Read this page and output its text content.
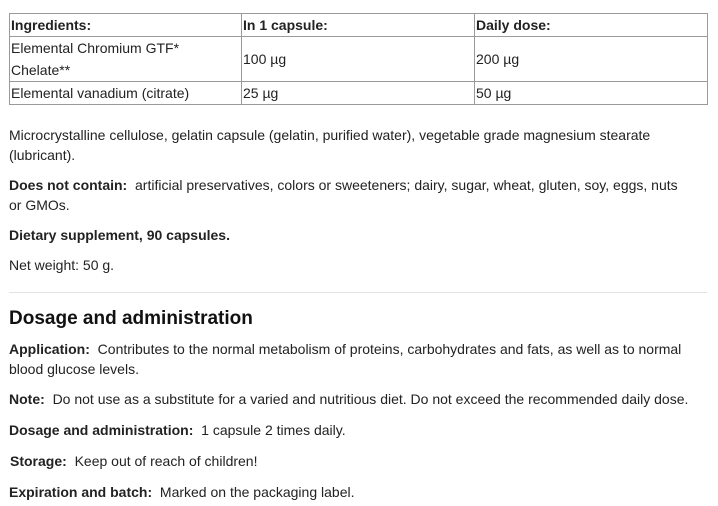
Ingredients:	In 1 capsule:	Daily dose:
Elemental Chromium GTF* Chelate**	100 µg	200 µg
Elemental vanadium (citrate)	25 µg	50 µg

Microcrystalline cellulose, gelatin capsule (gelatin, purified water), vegetable grade magnesium stearate (lubricant).

Does not contain: artificial preservatives, colors or sweeteners; dairy, sugar, wheat, gluten, soy, eggs, nuts or GMOs.

Dietary supplement, 90 capsules.

Net weight: 50 g.

Dosage and administration

Application: Contributes to the normal metabolism of proteins, carbohydrates and fats, as well as to normal blood glucose levels.

Note: Do not use as a substitute for a varied and nutritious diet. Do not exceed the recommended daily dose.

Dosage and administration: 1 capsule 2 times daily.

Storage: Keep out of reach of children!

Expiration and batch: Marked on the packaging label.
